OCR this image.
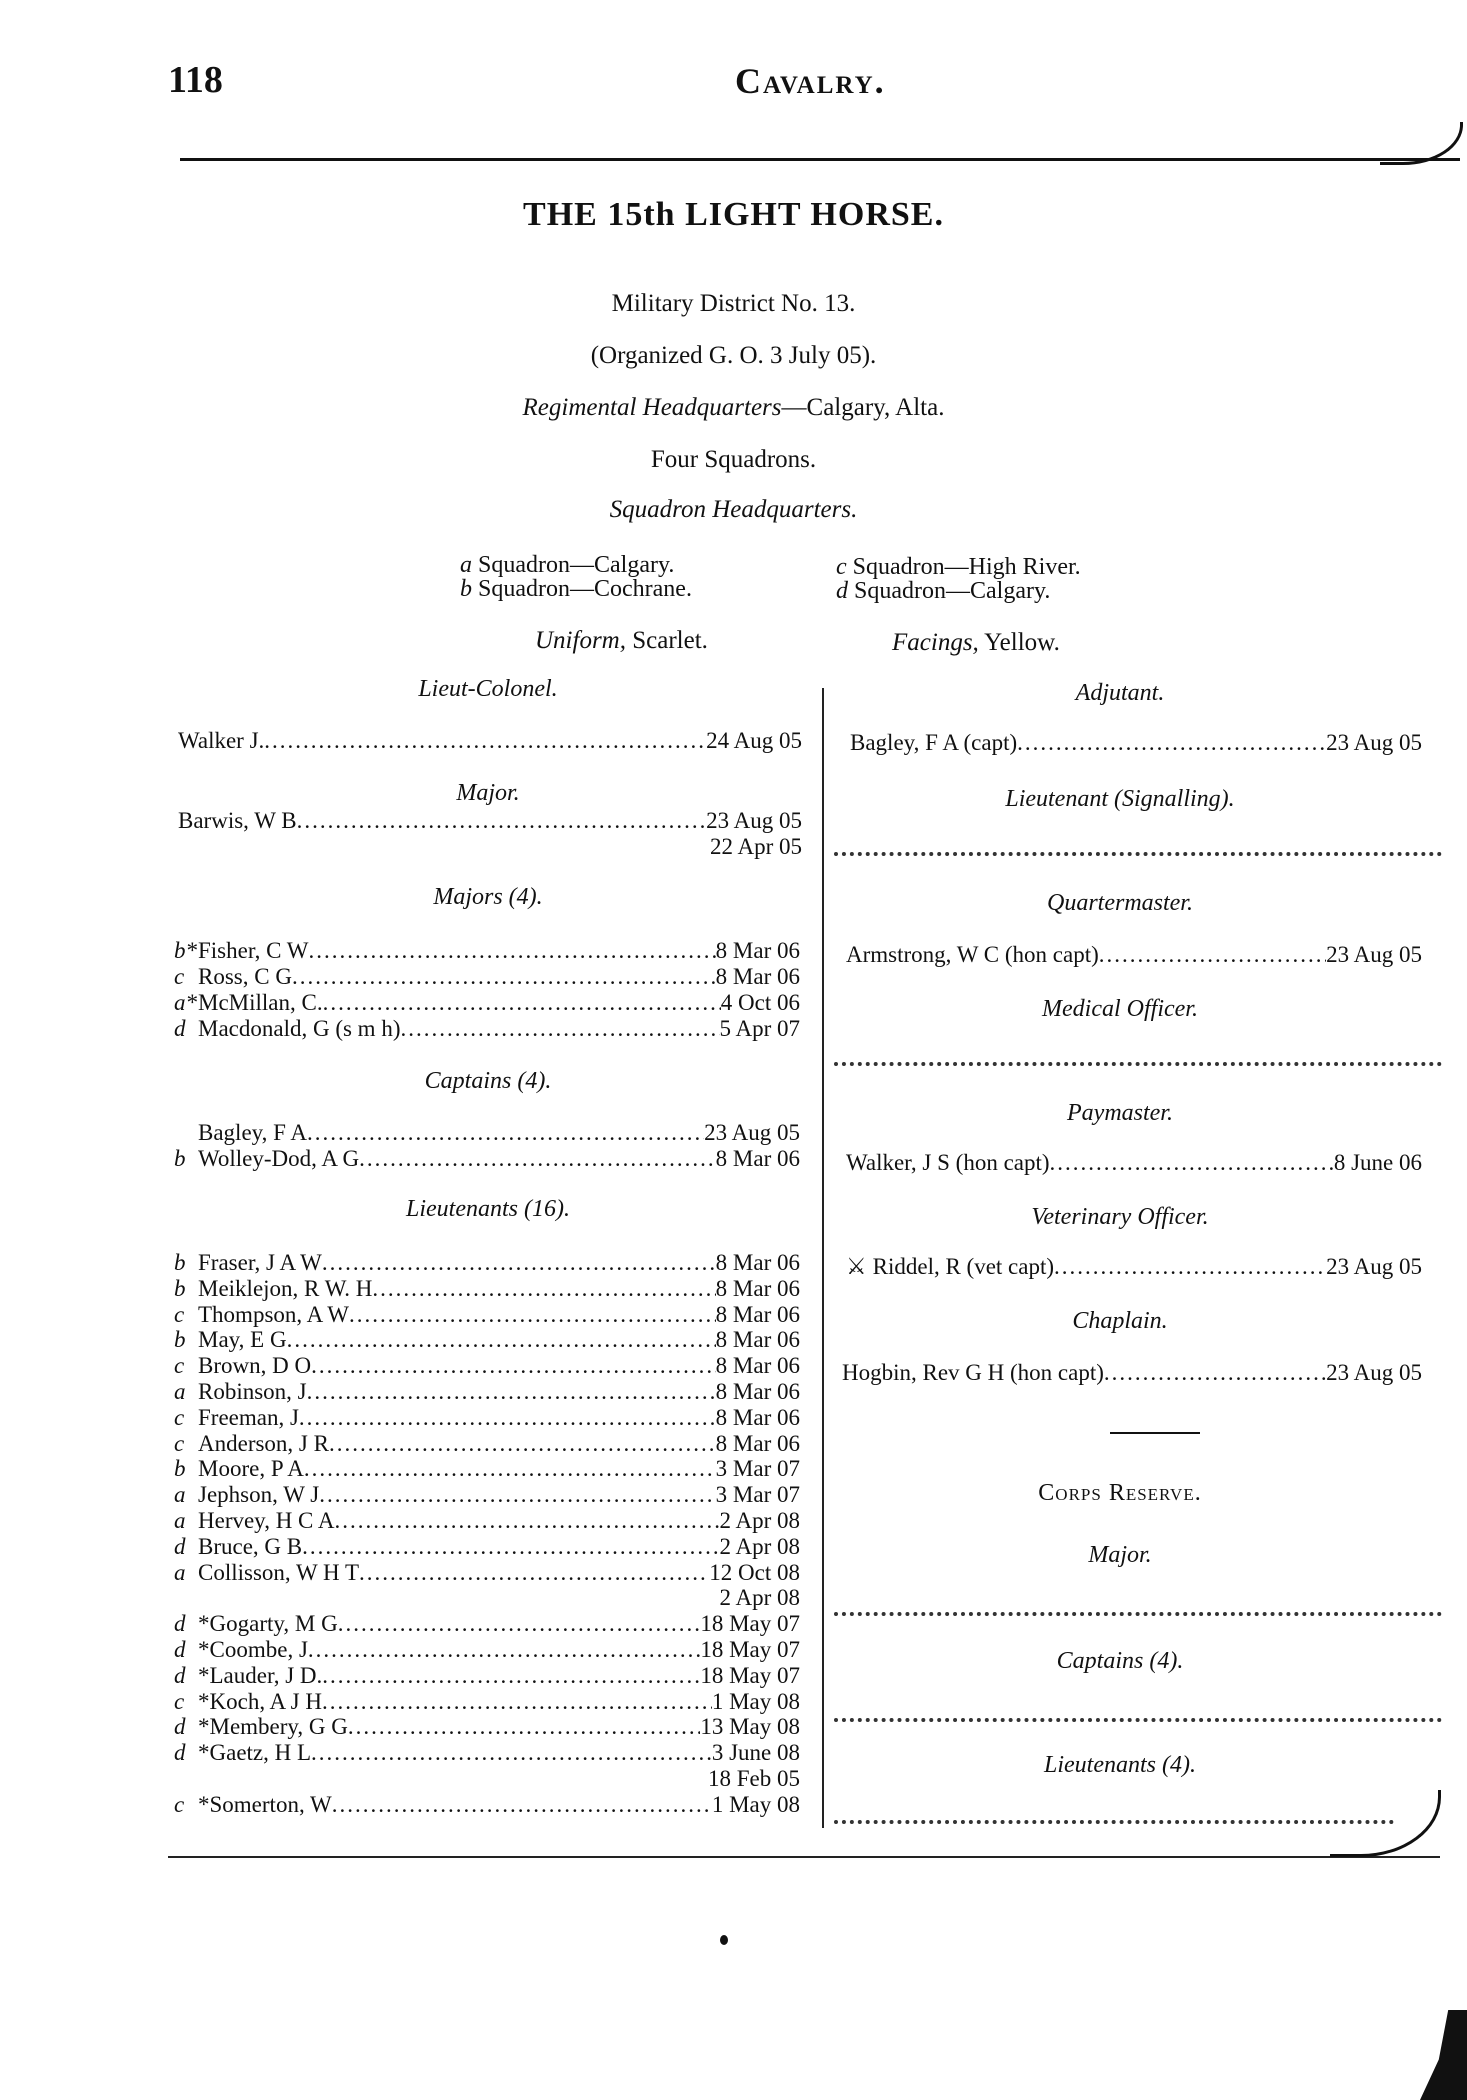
118	Cavalry.
THE 15th LIGHT HORSE.
Military District No. 13.
(Organized G. O. 3 July 05).
Regimental Headquarters—Calgary, Alta.
Four Squadrons.
Squadron Headquarters.
a Squadron—Calgary.
b Squadron—Cochrane.
c Squadron—High River.
d Squadron—Calgary.
Uniform, Scarlet.	Facings, Yellow.
Lieut-Colonel.
Walker J. .....	24 Aug 05
Major.
Barwis, W B .....	23 Aug 05
22 Apr 05
Majors (4).
b* Fisher, C W .....	8 Mar 06
c Ross, C G .....	8 Mar 06
a* McMillan, C. .....	4 Oct 06
d Macdonald, G (s m h) .....	5 Apr 07
Captains (4).
Bagley, F A .....	23 Aug 05
b Wolley-Dod, A G .....	8 Mar 06
Lieutenants (16).
b Fraser, J A W .....	8 Mar 06
b Meiklejon, R W. H .....	8 Mar 06
c Thompson, A W .....	8 Mar 06
b May, E G .....	8 Mar 06
c Brown, D O .....	8 Mar 06
a Robinson, J .....	8 Mar 06
c Freeman, J .....	8 Mar 06
c Anderson, J R .....	8 Mar 06
b Moore, P A .....	3 Mar 07
a Jephson, W J .....	3 Mar 07
a Hervey, H C A .....	2 Apr 08
d Bruce, G B .....	2 Apr 08
a Collisson, W H T .....	12 Oct 08
2 Apr 08
d *Gogarty, M G .....	18 May 07
d *Coombe, J .....	18 May 07
d *Lauder, J D. .....	18 May 07
c *Koch, A J H .....	1 May 08
d *Membery, G G .....	13 May 08
d *Gaetz, H L .....	3 June 08
18 Feb 05
c *Somerton, W .....	1 May 08
Adjutant.
Bagley, F A (capt) .....	23 Aug 05
Lieutenant (Signalling).
Quartermaster.
Armstrong, W C (hon capt) .....	23 Aug 05
Medical Officer.
Paymaster.
Walker, J S (hon capt) .....	8 June 06
Veterinary Officer.
⚔ Riddel, R (vet capt) .....	23 Aug 05
Chaplain.
Hogbin, Rev G H (hon capt) .....	23 Aug 05
Corps Reserve.
Major.
Captains (4).
Lieutenants (4).
